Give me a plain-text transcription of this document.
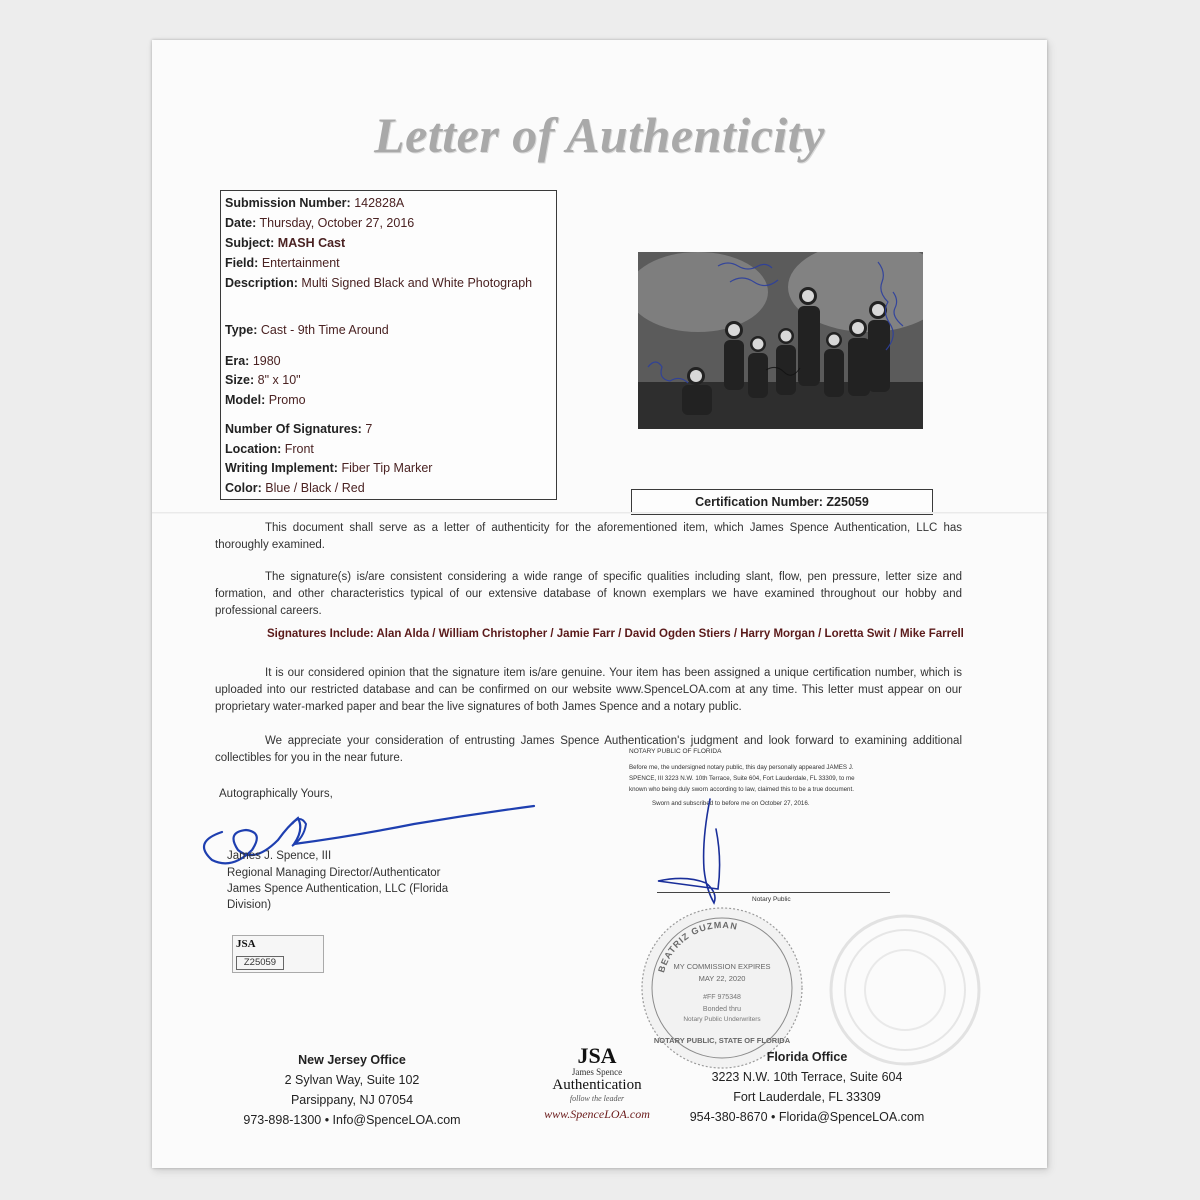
Letter of Authenticity
Submission Number: 142828A
Date: Thursday, October 27, 2016
Subject: MASH Cast
Field: Entertainment
Description: Multi Signed Black and White Photograph
Type: Cast - 9th Time Around
Era: 1980
Size: 8" x 10"
Model: Promo
Number Of Signatures: 7
Location: Front
Writing Implement: Fiber Tip Marker
Color: Blue / Black / Red
Certification Number: Z25059
This document shall serve as a letter of authenticity for the aforementioned item, which James Spence Authentication, LLC has thoroughly examined.
The signature(s) is/are consistent considering a wide range of specific qualities including slant, flow, pen pressure, letter size and formation, and other characteristics typical of our extensive database of known exemplars we have examined throughout our hobby and professional careers.
Signatures Include: Alan Alda / William Christopher / Jamie Farr / David Ogden Stiers / Harry Morgan / Loretta Swit / Mike Farrell
It is our considered opinion that the signature item is/are genuine. Your item has been assigned a unique certification number, which is uploaded into our restricted database and can be confirmed on our website www.SpenceLOA.com at any time. This letter must appear on our proprietary water-marked paper and bear the live signatures of both James Spence and a notary public.
We appreciate your consideration of entrusting James Spence Authentication's judgment and look forward to examining additional collectibles for you in the near future.
Autographically Yours,
James J. Spence, III
Regional Managing Director/Authenticator
James Spence Authentication, LLC (Florida
Division)
JSA
Z25059
NOTARY PUBLIC OF FLORIDA
Before me, the undersigned notary public, this day personally appeared JAMES J.
SPENCE, III 3223 N.W. 10th Terrace, Suite 604, Fort Lauderdale, FL 33309, to me
known who being duly sworn according to law, claimed this to be a true document.
Sworn and subscribed to before me on October 27, 2016.
Notary Public
BEATRIZ GUZMAN
MY COMMISSION EXPIRES
MAY 22, 2020
#FF 975348
Bonded thru
Notary Public Underwriters
NOTARY PUBLIC, STATE OF FLORIDA
New Jersey Office
2 Sylvan Way, Suite 102
Parsippany, NJ 07054
973-898-1300 • Info@SpenceLOA.com
JSA
James Spence
Authentication
follow the leader
www.SpenceLOA.com
Florida Office
3223 N.W. 10th Terrace, Suite 604
Fort Lauderdale, FL 33309
954-380-8670 • Florida@SpenceLOA.com
